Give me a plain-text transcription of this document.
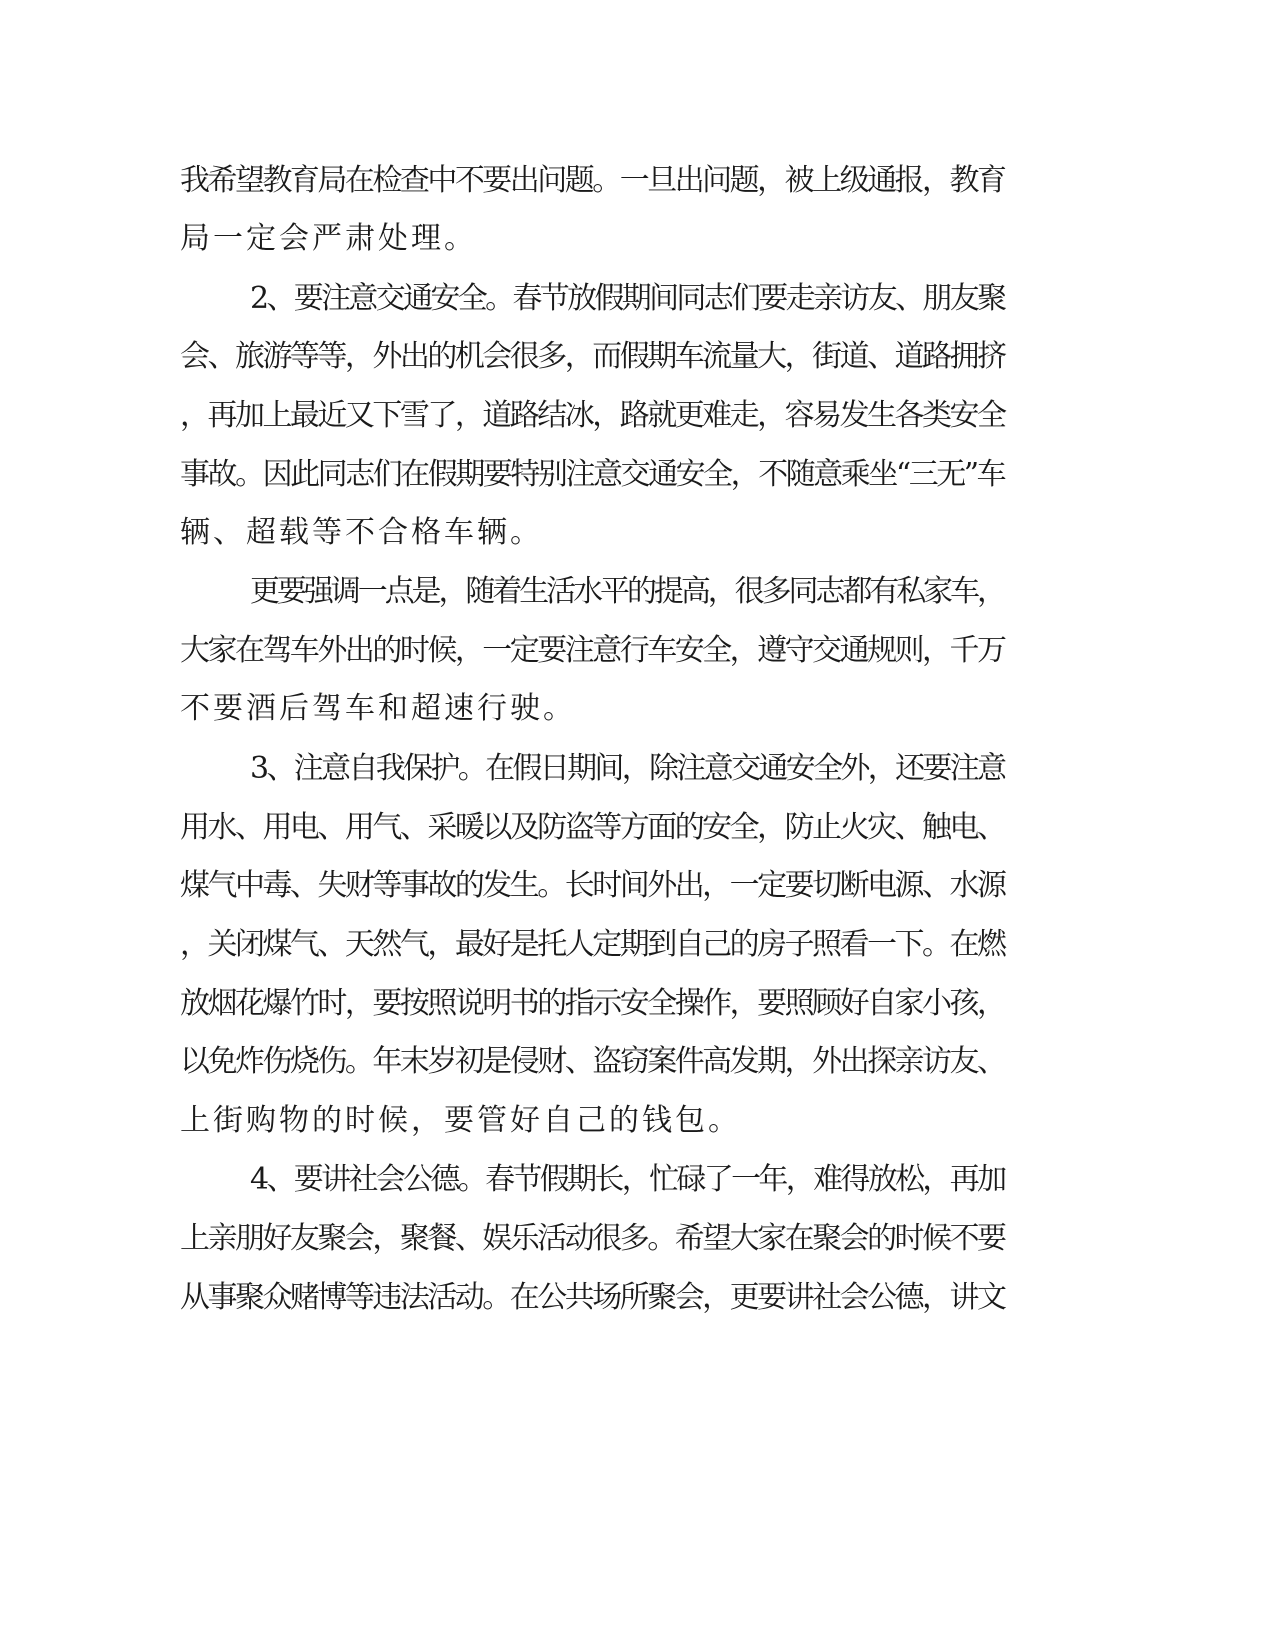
我希望教育局在检查中不要出问题。一旦出问题，被上级通报，教育
局一定会严肃处理。
2、要注意交通安全。春节放假期间同志们要走亲访友、朋友聚
会、旅游等等，外出的机会很多，而假期车流量大，街道、道路拥挤
，再加上最近又下雪了，道路结冰，路就更难走，容易发生各类安全
事故。因此同志们在假期要特别注意交通安全，不随意乘坐“三无”车
辆、超载等不合格车辆。
更要强调一点是，随着生活水平的提高，很多同志都有私家车，
大家在驾车外出的时候，一定要注意行车安全，遵守交通规则，千万
不要酒后驾车和超速行驶。
3、注意自我保护。在假日期间，除注意交通安全外，还要注意
用水、用电、用气、采暖以及防盗等方面的安全，防止火灾、触电、
煤气中毒、失财等事故的发生。长时间外出，一定要切断电源、水源
，关闭煤气、天然气，最好是托人定期到自己的房子照看一下。在燃
放烟花爆竹时，要按照说明书的指示安全操作，要照顾好自家小孩，
以免炸伤烧伤。年末岁初是侵财、盗窃案件高发期，外出探亲访友、
上街购物的时候，要管好自己的钱包。
4、要讲社会公德。春节假期长，忙碌了一年，难得放松，再加
上亲朋好友聚会，聚餐、娱乐活动很多。希望大家在聚会的时候不要
从事聚众赌博等违法活动。在公共场所聚会，更要讲社会公德，讲文
